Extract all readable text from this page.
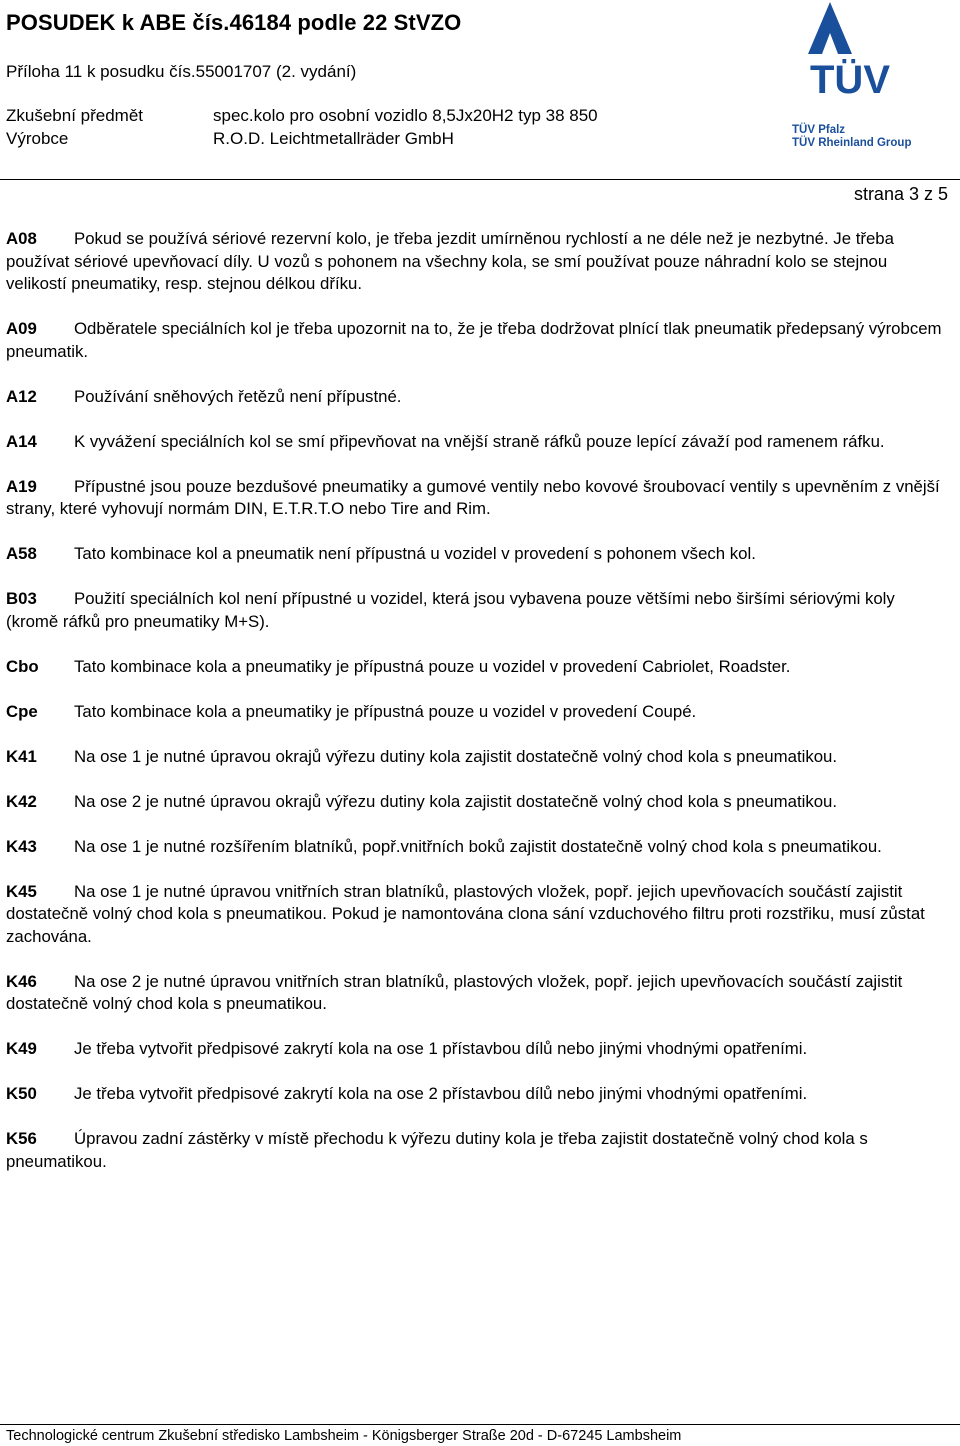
POSUDEK k ABE čís.46184 podle 22 StVZO
Příloha 11 k posudku čís.55001707 (2. vydání)
Zkušební předmět	spec.kolo pro osobní vozidlo 8,5Jx20H2 typ 38 850
Výrobce	R.O.D. Leichtmetallräder GmbH
TÜV
TÜV Pfalz
TÜV Rheinland Group
strana 3 z 5
A08 Pokud se používá sériové rezervní kolo, je třeba jezdit umírněnou rychlostí a ne déle než je nezbytné. Je třeba používat sériové upevňovací díly. U vozů s pohonem na všechny kola, se smí používat pouze náhradní kolo se stejnou velikostí pneumatiky, resp. stejnou délkou dříku.
A09 Odběratele speciálních kol je třeba upozornit na to, že je třeba dodržovat plnící tlak pneumatik předepsaný výrobcem pneumatik.
A12 Používání sněhových řetězů není přípustné.
A14 K vyvážení speciálních kol se smí připevňovat na vnější straně ráfků pouze lepící závaží pod ramenem ráfku.
A19 Přípustné jsou pouze bezdušové pneumatiky a gumové ventily nebo kovové šroubovací ventily s upevněním z vnější strany, které vyhovují normám DIN, E.T.R.T.O nebo Tire and Rim.
A58 Tato kombinace kol a pneumatik není přípustná u vozidel v provedení s pohonem všech kol.
B03 Použití speciálních kol není přípustné u vozidel, která jsou vybavena pouze většími nebo širšími sériovými koly (kromě ráfků pro pneumatiky M+S).
Cbo Tato kombinace kola a pneumatiky je přípustná pouze u vozidel v provedení Cabriolet, Roadster.
Cpe Tato kombinace kola a pneumatiky je přípustná pouze u vozidel v provedení Coupé.
K41 Na ose 1 je nutné úpravou okrajů výřezu dutiny kola zajistit dostatečně volný chod kola s pneumatikou.
K42 Na ose 2 je nutné úpravou okrajů výřezu dutiny kola zajistit dostatečně volný chod kola s pneumatikou.
K43 Na ose 1 je nutné rozšířením blatníků, popř.vnitřních boků zajistit dostatečně volný chod kola s pneumatikou.
K45 Na ose 1 je nutné úpravou vnitřních stran blatníků, plastových vložek, popř. jejich upevňovacích součástí zajistit dostatečně volný chod kola s pneumatikou. Pokud je namontována clona sání vzduchového filtru proti rozstřiku, musí zůstat zachována.
K46 Na ose 2 je nutné úpravou vnitřních stran blatníků, plastových vložek, popř. jejich upevňovacích součástí zajistit dostatečně volný chod kola s pneumatikou.
K49 Je třeba vytvořit předpisové zakrytí kola na ose 1 přístavbou dílů nebo jinými vhodnými opatřeními.
K50 Je třeba vytvořit předpisové zakrytí kola na ose 2 přístavbou dílů nebo jinými vhodnými opatřeními.
K56 Úpravou zadní zástěrky v místě přechodu k výřezu dutiny kola je třeba zajistit dostatečně volný chod kola s pneumatikou.
Technologické centrum Zkušební středisko Lambsheim - Königsberger Straße 20d - D-67245 Lambsheim
